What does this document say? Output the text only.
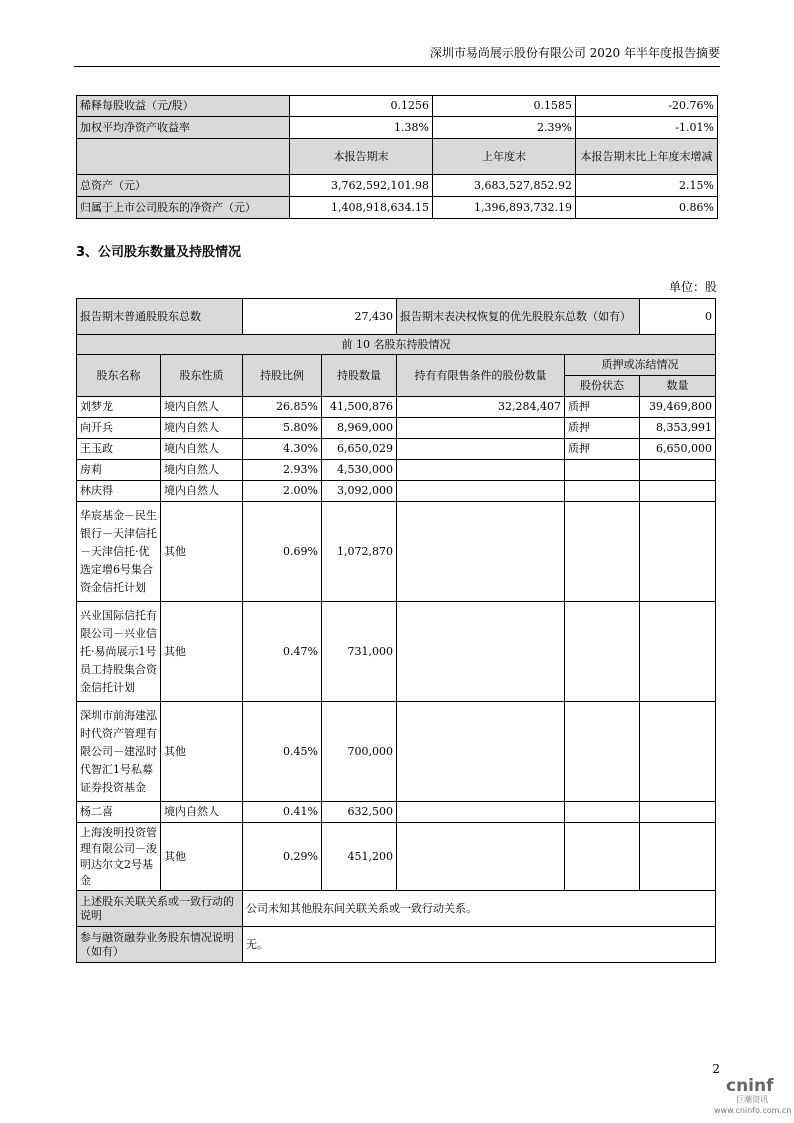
深圳市易尚展示股份有限公司 2020 年半年度报告摘要
稀释每股收益（元/股）	0.1256	0.1585	-20.76%
加权平均净资产收益率	1.38%	2.39%	-1.01%
	本报告期末	上年度末	本报告期末比上年度末增减
总资产（元）	3,762,592,101.98	3,683,527,852.92	2.15%
归属于上市公司股东的净资产（元）	1,408,918,634.15	1,396,893,732.19	0.86%
3、公司股东数量及持股情况
单位：股
报告期末普通股股东总数		27,430		报告期末表决权恢复的优先股股东总数（如有）		0
前 10 名股东持股情况						
股东名称	股东性质	持股比例	持股数量	持有有限售条件的股份数量	质押或冻结情况	
					股份状态	数量
刘梦龙	境内自然人	26.85%	41,500,876	32,284,407	质押	39,469,800
向开兵	境内自然人	5.80%	8,969,000		质押	8,353,991
王玉政	境内自然人	4.30%	6,650,029		质押	6,650,000
房莉	境内自然人	2.93%	4,530,000			
林庆得	境内自然人	2.00%	3,092,000			
华宸基金－民生银行－天津信托－天津信托·优选定增6号集合资金信托计划	其他	0.69%	1,072,870			
兴业国际信托有限公司－兴业信托·易尚展示1号员工持股集合资金信托计划	其他	0.47%	731,000			
深圳市前海建泓时代资产管理有限公司－建泓时代智汇1号私募证券投资基金	其他	0.45%	700,000			
杨二喜	境内自然人	0.41%	632,500			
上海浚明投资管理有限公司－浚明达尔文2号基金	其他	0.29%	451,200			
上述股东关联关系或一致行动的说明		公司未知其他股东间关联关系或一致行动关系。				
参与融资融券业务股东情况说明（如有）		无。				
2
cninf
巨潮资讯
www.cninfo.com.cn
